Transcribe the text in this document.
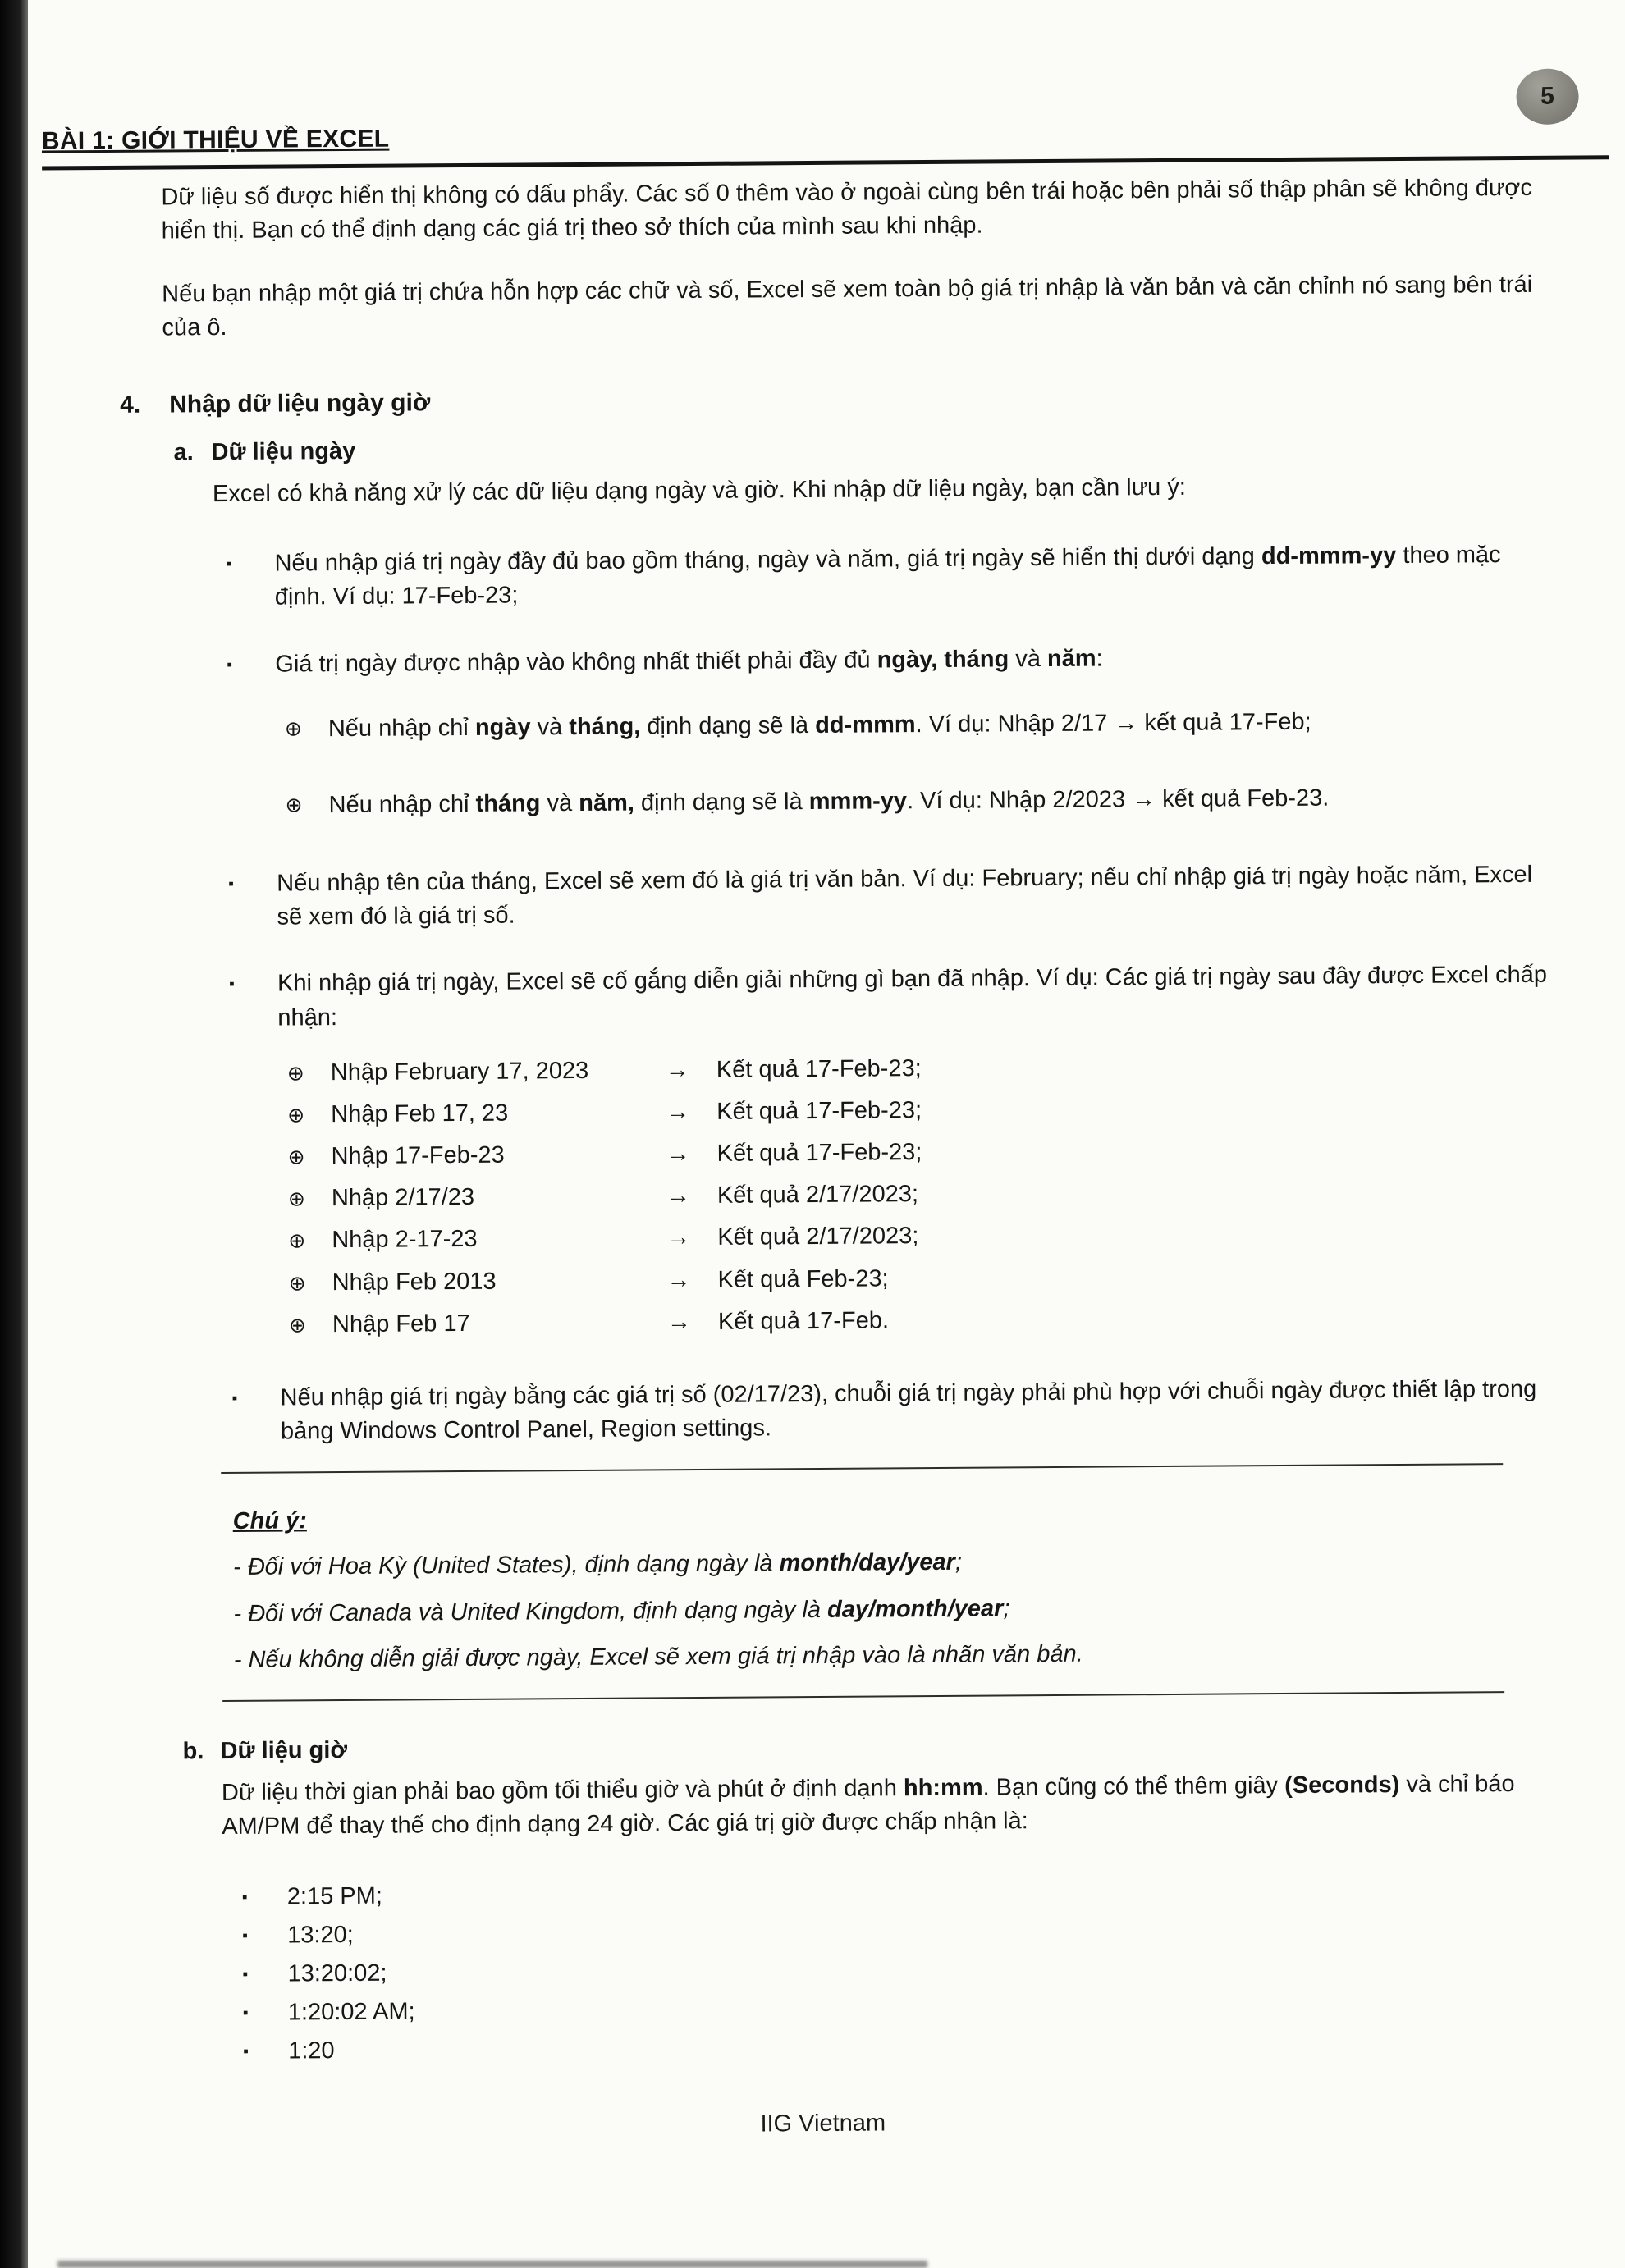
5
BÀI 1: GIỚI THIỆU VỀ EXCEL
Dữ liệu số được hiển thị không có dấu phẩy. Các số 0 thêm vào ở ngoài cùng bên trái hoặc bên phải số thập phân sẽ không được hiển thị. Bạn có thể định dạng các giá trị theo sở thích của mình sau khi nhập.
Nếu bạn nhập một giá trị chứa hỗn hợp các chữ và số, Excel sẽ xem toàn bộ giá trị nhập là văn bản và căn chỉnh nó sang bên trái của ô.
4. Nhập dữ liệu ngày giờ
a. Dữ liệu ngày
Excel có khả năng xử lý các dữ liệu dạng ngày và giờ. Khi nhập dữ liệu ngày, bạn cần lưu ý:
▪	Nếu nhập giá trị ngày đầy đủ bao gồm tháng, ngày và năm, giá trị ngày sẽ hiển thị dưới dạng dd-mmm-yy theo mặc định. Ví dụ: 17-Feb-23;
▪	Giá trị ngày được nhập vào không nhất thiết phải đầy đủ ngày, tháng và năm:
⊕	Nếu nhập chỉ ngày và tháng, định dạng sẽ là dd-mmm. Ví dụ: Nhập 2/17 → kết quả 17-Feb;
⊕	Nếu nhập chỉ tháng và năm, định dạng sẽ là mmm-yy. Ví dụ: Nhập 2/2023 → kết quả Feb-23.
▪	Nếu nhập tên của tháng, Excel sẽ xem đó là giá trị văn bản. Ví dụ: February; nếu chỉ nhập giá trị ngày hoặc năm, Excel sẽ xem đó là giá trị số.
▪	Khi nhập giá trị ngày, Excel sẽ cố gắng diễn giải những gì bạn đã nhập. Ví dụ: Các giá trị ngày sau đây được Excel chấp nhận:
⊕	Nhập February 17, 2023	→	Kết quả 17-Feb-23;
⊕	Nhập Feb 17, 23	→	Kết quả 17-Feb-23;
⊕	Nhập 17-Feb-23	→	Kết quả 17-Feb-23;
⊕	Nhập 2/17/23	→	Kết quả 2/17/2023;
⊕	Nhập 2-17-23	→	Kết quả 2/17/2023;
⊕	Nhập Feb 2013	→	Kết quả Feb-23;
⊕	Nhập Feb 17	→	Kết quả 17-Feb.
▪	Nếu nhập giá trị ngày bằng các giá trị số (02/17/23), chuỗi giá trị ngày phải phù hợp với chuỗi ngày được thiết lập trong bảng Windows Control Panel, Region settings.
Chú ý:
- Đối với Hoa Kỳ (United States), định dạng ngày là month/day/year;
- Đối với Canada và United Kingdom, định dạng ngày là day/month/year;
- Nếu không diễn giải được ngày, Excel sẽ xem giá trị nhập vào là nhãn văn bản.
b. Dữ liệu giờ
Dữ liệu thời gian phải bao gồm tối thiểu giờ và phút ở định dạnh hh:mm. Bạn cũng có thể thêm giây (Seconds) và chỉ báo AM/PM để thay thế cho định dạng 24 giờ. Các giá trị giờ được chấp nhận là:
▪	2:15 PM;
▪	13:20;
▪	13:20:02;
▪	1:20:02 AM;
▪	1:20
IIG Vietnam
